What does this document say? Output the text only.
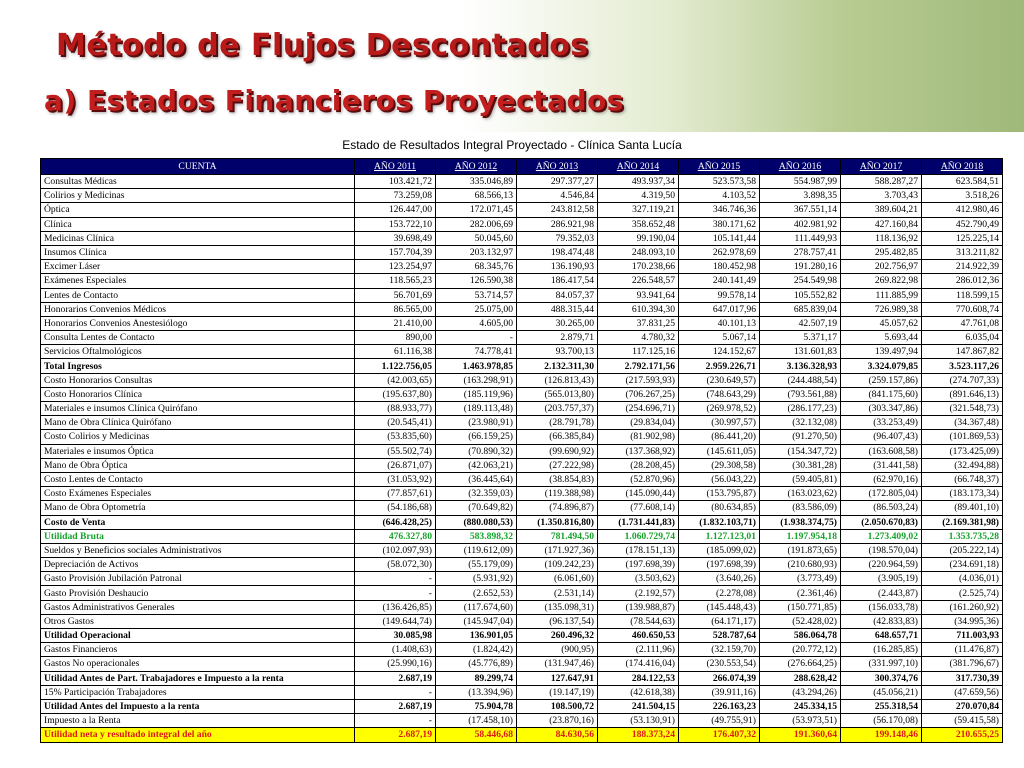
Método de Flujos Descontados
a) Estados Financieros Proyectados
Estado de Resultados Integral Proyectado - Clínica Santa Lucía
CUENTA	AÑO 2011	AÑO 2012	AÑO 2013	AÑO 2014	AÑO 2015	AÑO 2016	AÑO 2017	AÑO 2018
Consultas Médicas	103.421,72	335.046,89	297.377,27	493.937,34	523.573,58	554.987,99	588.287,27	623.584,51
Colirios y Medicinas	73.259,08	68.566,13	4.546,84	4.319,50	4.103,52	3.898,35	3.703,43	3.518,26
Óptica	126.447,00	172.071,45	243.812,58	327.119,21	346.746,36	367.551,14	389.604,21	412.980,46
Clínica	153.722,10	282.006,69	286.921,98	358.652,48	380.171,62	402.981,92	427.160,84	452.790,49
Medicinas Clínica	39.698,49	50.045,60	79.352,03	99.190,04	105.141,44	111.449,93	118.136,92	125.225,14
Insumos Clínica	157.704,39	203.132,97	198.474,48	248.093,10	262.978,69	278.757,41	295.482,85	313.211,82
Excimer Láser	123.254,97	68.345,76	136.190,93	170.238,66	180.452,98	191.280,16	202.756,97	214.922,39
Exámenes Especiales	118.565,23	126.590,38	186.417,54	226.548,57	240.141,49	254.549,98	269.822,98	286.012,36
Lentes de Contacto	56.701,69	53.714,57	84.057,37	93.941,64	99.578,14	105.552,82	111.885,99	118.599,15
Honorarios Convenios Médicos	86.565,00	25.075,00	488.315,44	610.394,30	647.017,96	685.839,04	726.989,38	770.608,74
Honorarios Convenios Anestesiólogo	21.410,00	4.605,00	30.265,00	37.831,25	40.101,13	42.507,19	45.057,62	47.761,08
Consulta Lentes de Contacto	890,00	-	2.879,71	4.780,32	5.067,14	5.371,17	5.693,44	6.035,04
Servicios Oftalmológicos	61.116,38	74.778,41	93.700,13	117.125,16	124.152,67	131.601,83	139.497,94	147.867,82
Total Ingresos	1.122.756,05	1.463.978,85	2.132.311,30	2.792.171,56	2.959.226,71	3.136.328,93	3.324.079,85	3.523.117,26
Costo Honorarios Consultas	(42.003,65)	(163.298,91)	(126.813,43)	(217.593,93)	(230.649,57)	(244.488,54)	(259.157,86)	(274.707,33)
Costo Honorarios Clínica	(195.637,80)	(185.119,96)	(565.013,80)	(706.267,25)	(748.643,29)	(793.561,88)	(841.175,60)	(891.646,13)
Materiales e insumos Clínica Quirófano	(88.933,77)	(189.113,48)	(203.757,37)	(254.696,71)	(269.978,52)	(286.177,23)	(303.347,86)	(321.548,73)
Mano de Obra Clínica Quirófano	(20.545,41)	(23.980,91)	(28.791,78)	(29.834,04)	(30.997,57)	(32.132,08)	(33.253,49)	(34.367,48)
Costo Colirios y Medicinas	(53.835,60)	(66.159,25)	(66.385,84)	(81.902,98)	(86.441,20)	(91.270,50)	(96.407,43)	(101.869,53)
Materiales e insumos Óptica	(55.502,74)	(70.890,32)	(99.690,92)	(137.368,92)	(145.611,05)	(154.347,72)	(163.608,58)	(173.425,09)
Mano de Obra Óptica	(26.871,07)	(42.063,21)	(27.222,98)	(28.208,45)	(29.308,58)	(30.381,28)	(31.441,58)	(32.494,88)
Costo Lentes de Contacto	(31.053,92)	(36.445,64)	(38.854,83)	(52.870,96)	(56.043,22)	(59.405,81)	(62.970,16)	(66.748,37)
Costo Exámenes Especiales	(77.857,61)	(32.359,03)	(119.388,98)	(145.090,44)	(153.795,87)	(163.023,62)	(172.805,04)	(183.173,34)
Mano de Obra Optometría	(54.186,68)	(70.649,82)	(74.896,87)	(77.608,14)	(80.634,85)	(83.586,09)	(86.503,24)	(89.401,10)
Costo de Venta	(646.428,25)	(880.080,53)	(1.350.816,80)	(1.731.441,83)	(1.832.103,71)	(1.938.374,75)	(2.050.670,83)	(2.169.381,98)
Utilidad Bruta	476.327,80	583.898,32	781.494,50	1.060.729,74	1.127.123,01	1.197.954,18	1.273.409,02	1.353.735,28
Sueldos y Beneficios sociales Administrativos	(102.097,93)	(119.612,09)	(171.927,36)	(178.151,13)	(185.099,02)	(191.873,65)	(198.570,04)	(205.222,14)
Depreciación de Activos	(58.072,30)	(55.179,09)	(109.242,23)	(197.698,39)	(197.698,39)	(210.680,93)	(220.964,59)	(234.691,18)
Gasto Provisión Jubilación Patronal	-	(5.931,92)	(6.061,60)	(3.503,62)	(3.640,26)	(3.773,49)	(3.905,19)	(4.036,01)
Gasto Provisión Deshaucio	-	(2.652,53)	(2.531,14)	(2.192,57)	(2.278,08)	(2.361,46)	(2.443,87)	(2.525,74)
Gastos Administrativos Generales	(136.426,85)	(117.674,60)	(135.098,31)	(139.988,87)	(145.448,43)	(150.771,85)	(156.033,78)	(161.260,92)
Otros Gastos	(149.644,74)	(145.947,04)	(96.137,54)	(78.544,63)	(64.171,17)	(52.428,02)	(42.833,83)	(34.995,36)
Utilidad Operacional	30.085,98	136.901,05	260.496,32	460.650,53	528.787,64	586.064,78	648.657,71	711.003,93
Gastos Financieros	(1.408,63)	(1.824,42)	(900,95)	(2.111,96)	(32.159,70)	(20.772,12)	(16.285,85)	(11.476,87)
Gastos No operacionales	(25.990,16)	(45.776,89)	(131.947,46)	(174.416,04)	(230.553,54)	(276.664,25)	(331.997,10)	(381.796,67)
Utilidad Antes de Part. Trabajadores e Impuesto a la renta	2.687,19	89.299,74	127.647,91	284.122,53	266.074,39	288.628,42	300.374,76	317.730,39
15% Participación Trabajadores	-	(13.394,96)	(19.147,19)	(42.618,38)	(39.911,16)	(43.294,26)	(45.056,21)	(47.659,56)
Utilidad Antes del Impuesto a la renta	2.687,19	75.904,78	108.500,72	241.504,15	226.163,23	245.334,15	255.318,54	270.070,84
Impuesto a la Renta	-	(17.458,10)	(23.870,16)	(53.130,91)	(49.755,91)	(53.973,51)	(56.170,08)	(59.415,58)
Utilidad neta y resultado integral del año	2.687,19	58.446,68	84.630,56	188.373,24	176.407,32	191.360,64	199.148,46	210.655,25
